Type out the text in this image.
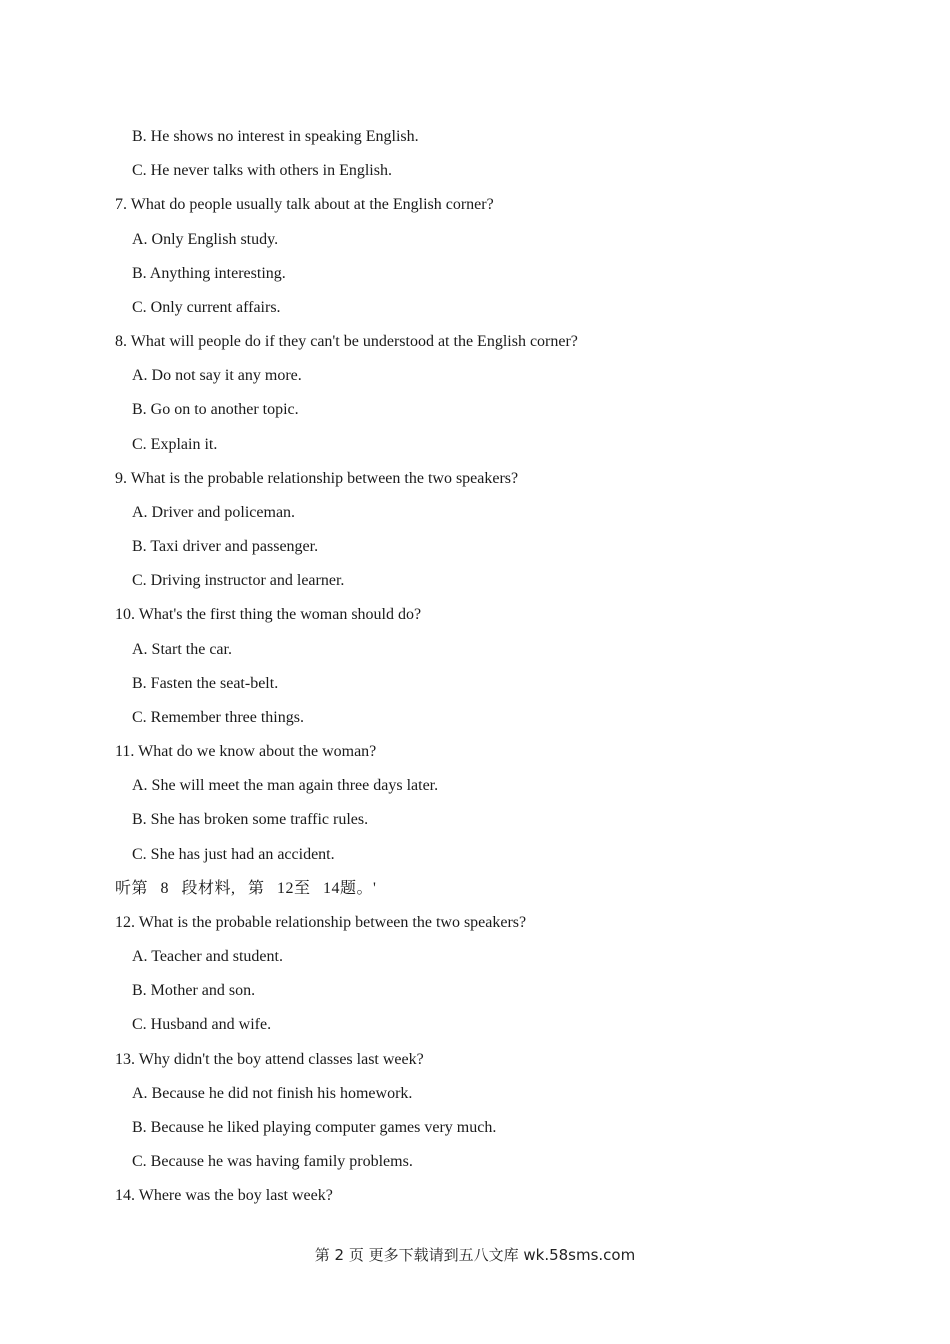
B. He shows no interest in speaking English.
C. He never talks with others in English.
7. What do people usually talk about at the English corner?
A. Only English study.
B. Anything interesting.
C. Only current affairs.
8. What will people do if they can't be understood at the English corner?
A. Do not say it any more.
B. Go on to another topic.
C. Explain it.
9. What is the probable relationship between the two speakers?
A. Driver and policeman.
B. Taxi driver and passenger.
C. Driving instructor and learner.
10. What's the first thing the woman should do?
A. Start the car.
B. Fasten the seat-belt.
C. Remember three things.
11. What do we know about the woman?
A. She will meet the man again three days later.
B. She has broken some traffic rules.
C. She has just had an accident.
听第 8 段材料, 第 12至 14题。'
12. What is the probable relationship between the two speakers?
A. Teacher and student.
B. Mother and son.
C. Husband and wife.
13. Why didn't the boy attend classes last week?
A. Because he did not finish his homework.
B. Because he liked playing computer games very much.
C. Because he was having family problems.
14. Where was the boy last week?
第 2 页 更多下载请到五八文库 wk.58sms.com
